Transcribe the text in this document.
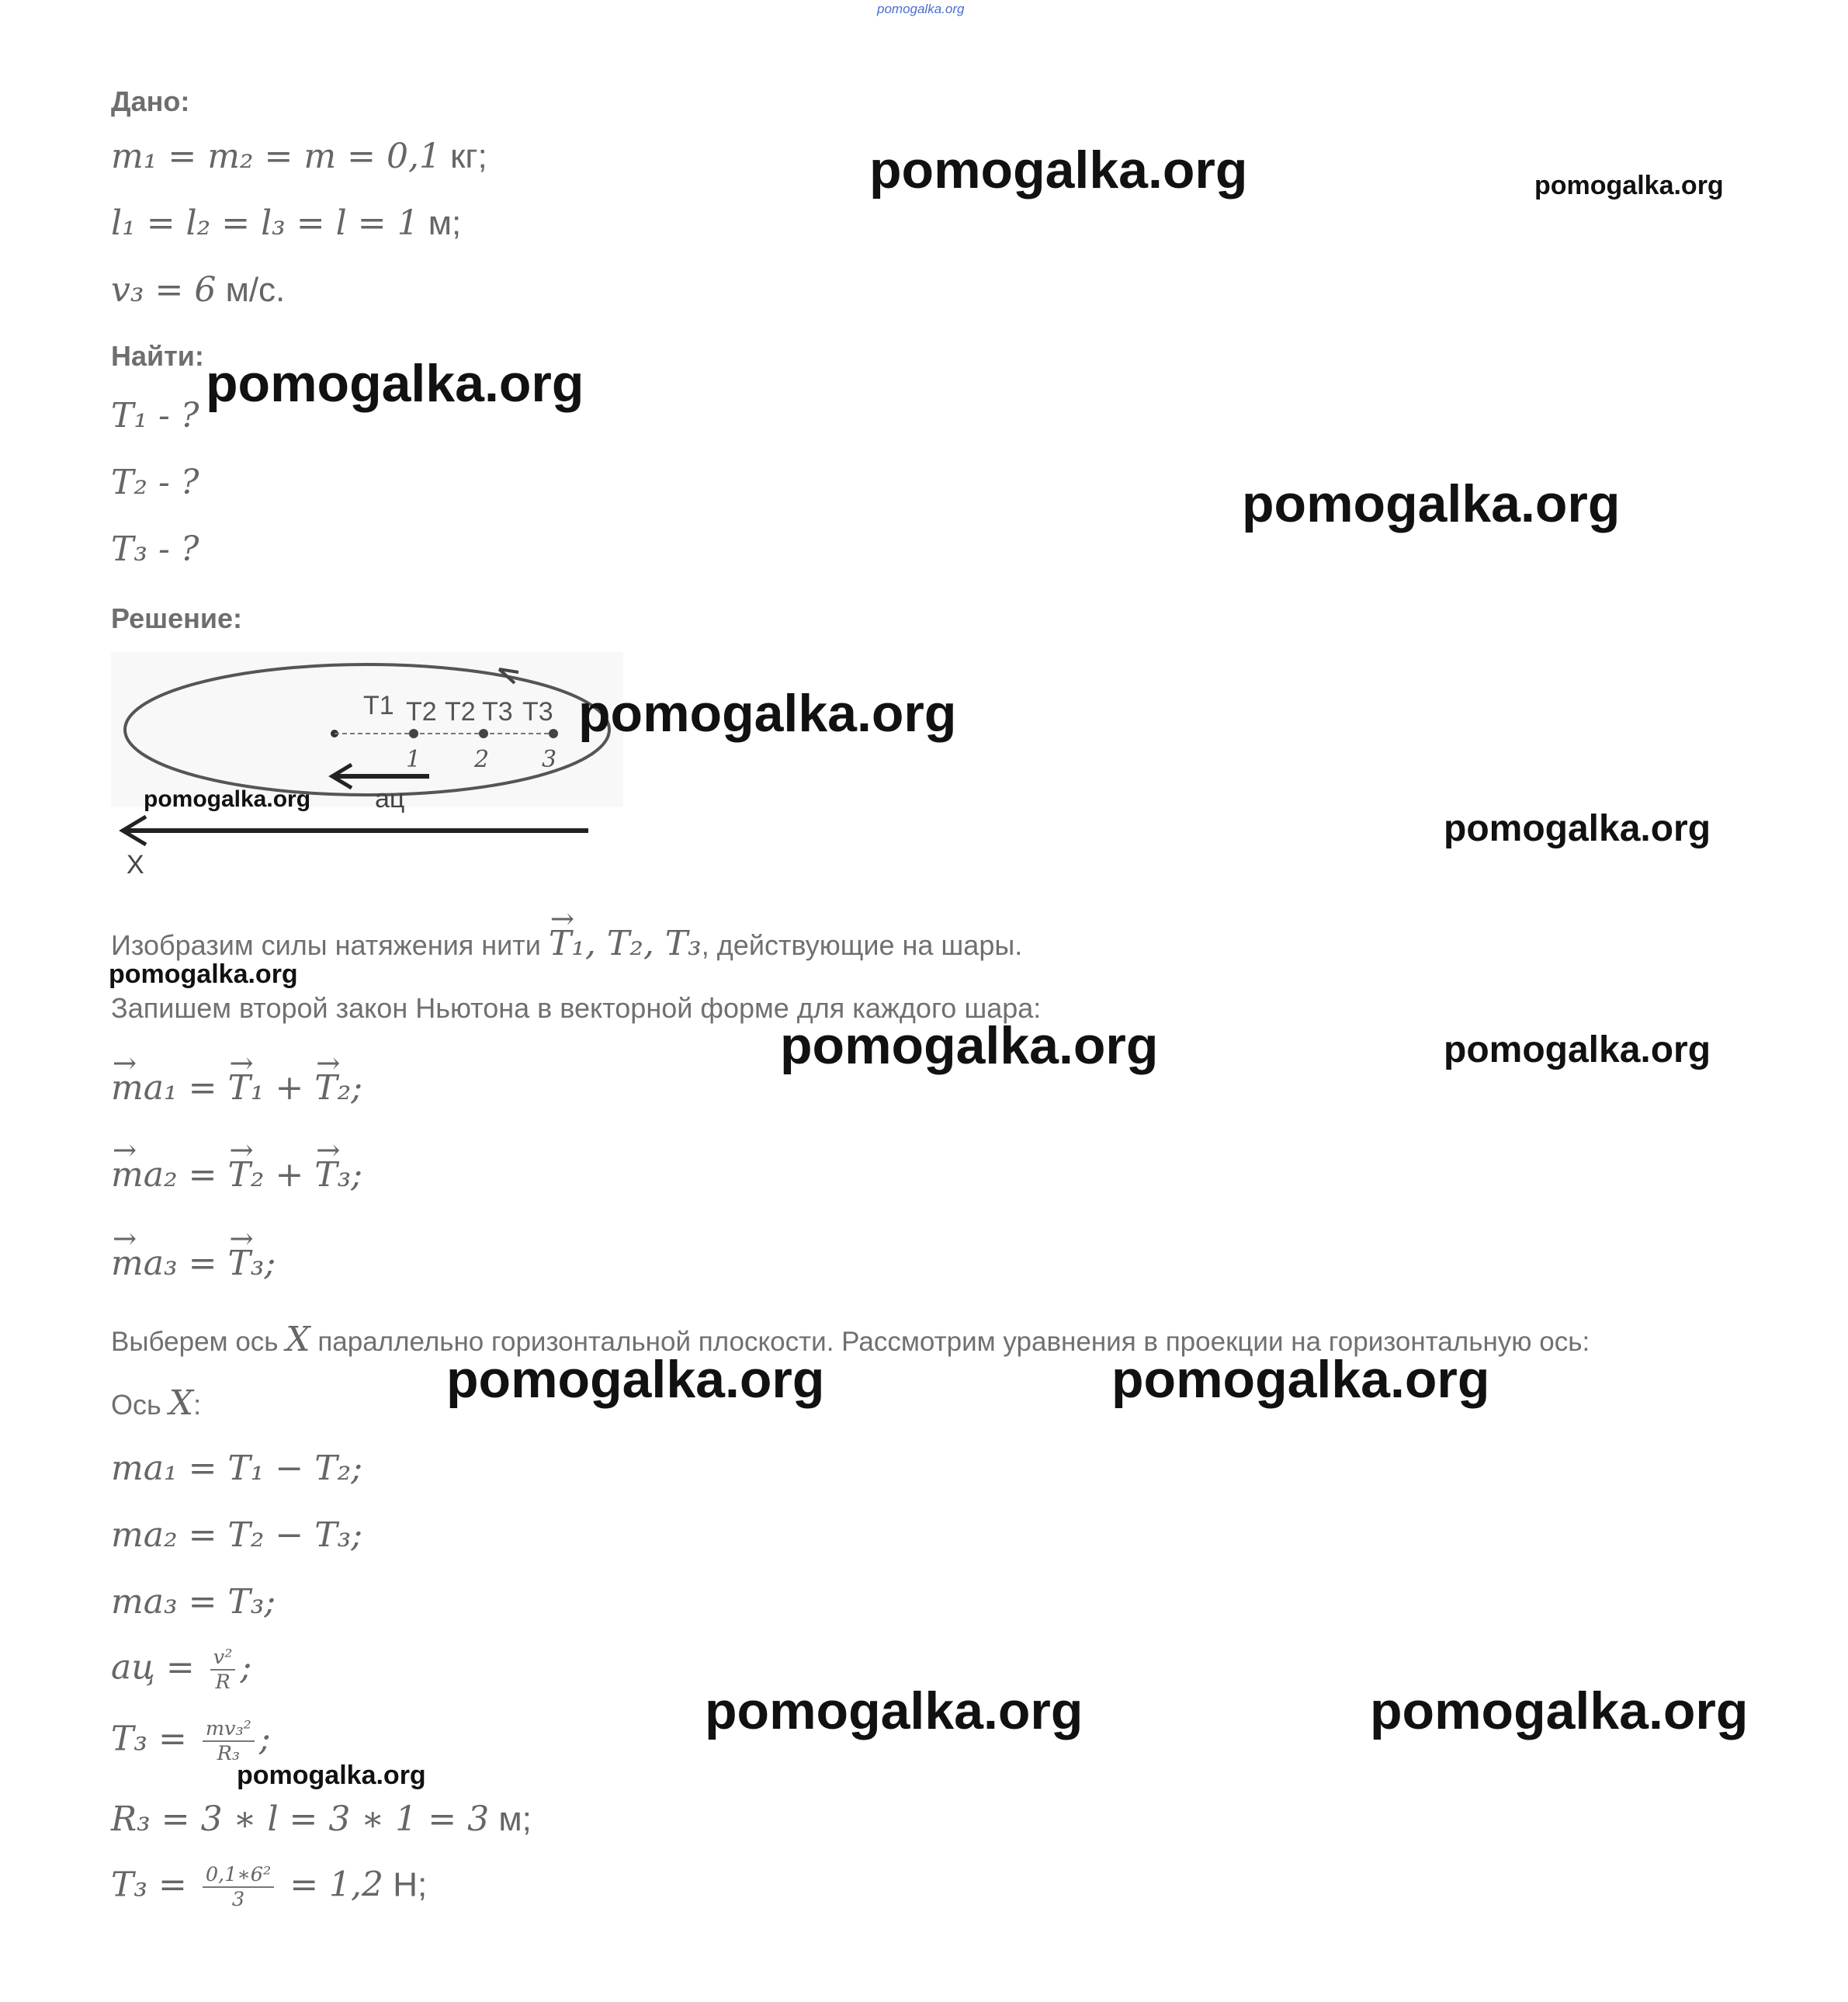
pomogalka.org
Дано:
m₁ = m₂ = m = 0,1 кг;
l₁ = l₂ = l₃ = l = 1 м;
v₃ = 6 м/с.
Найти:
T₁ - ?
T₂ - ?
T₃ - ?
Решение:
T1 T2 T2 T3 T3
1 2 3
aц
X
Изобразим силы натяжения нити → T₁, T₂, T₃, действующие на шары.
Запишем второй закон Ньютона в векторной форме для каждого шара:
→ ma₁ = → T₁ + → T₂;
→ ma₂ = → T₂ + → T₃;
→ ma₃ = → T₃;
Выберем ось X параллельно горизонтальной плоскости. Рассмотрим уравнения в проекции на горизонтальную ось:
Ось X:
ma₁ = T₁ − T₂;
ma₂ = T₂ − T₃;
ma₃ = T₃;
aц = $\frac{\text{v²}}{R}$ ;
$T_3 = \frac{\text{mv₃²}}{\text{R₃}}$ ;
R₃ = 3 ∗ l = 3 ∗ 1 = 3 м;
$T_3 = \frac{\text{0,1∗6²}}{3} = 1,2$ Н;
pomogalka.org	pomogalka.org
pomogalka.org
pomogalka.org
pomogalka.org
pomogalka.org
pomogalka.org
pomogalka.org
pomogalka.org	pomogalka.org
pomogalka.org	pomogalka.org
pomogalka.org	pomogalka.org
pomogalka.org
